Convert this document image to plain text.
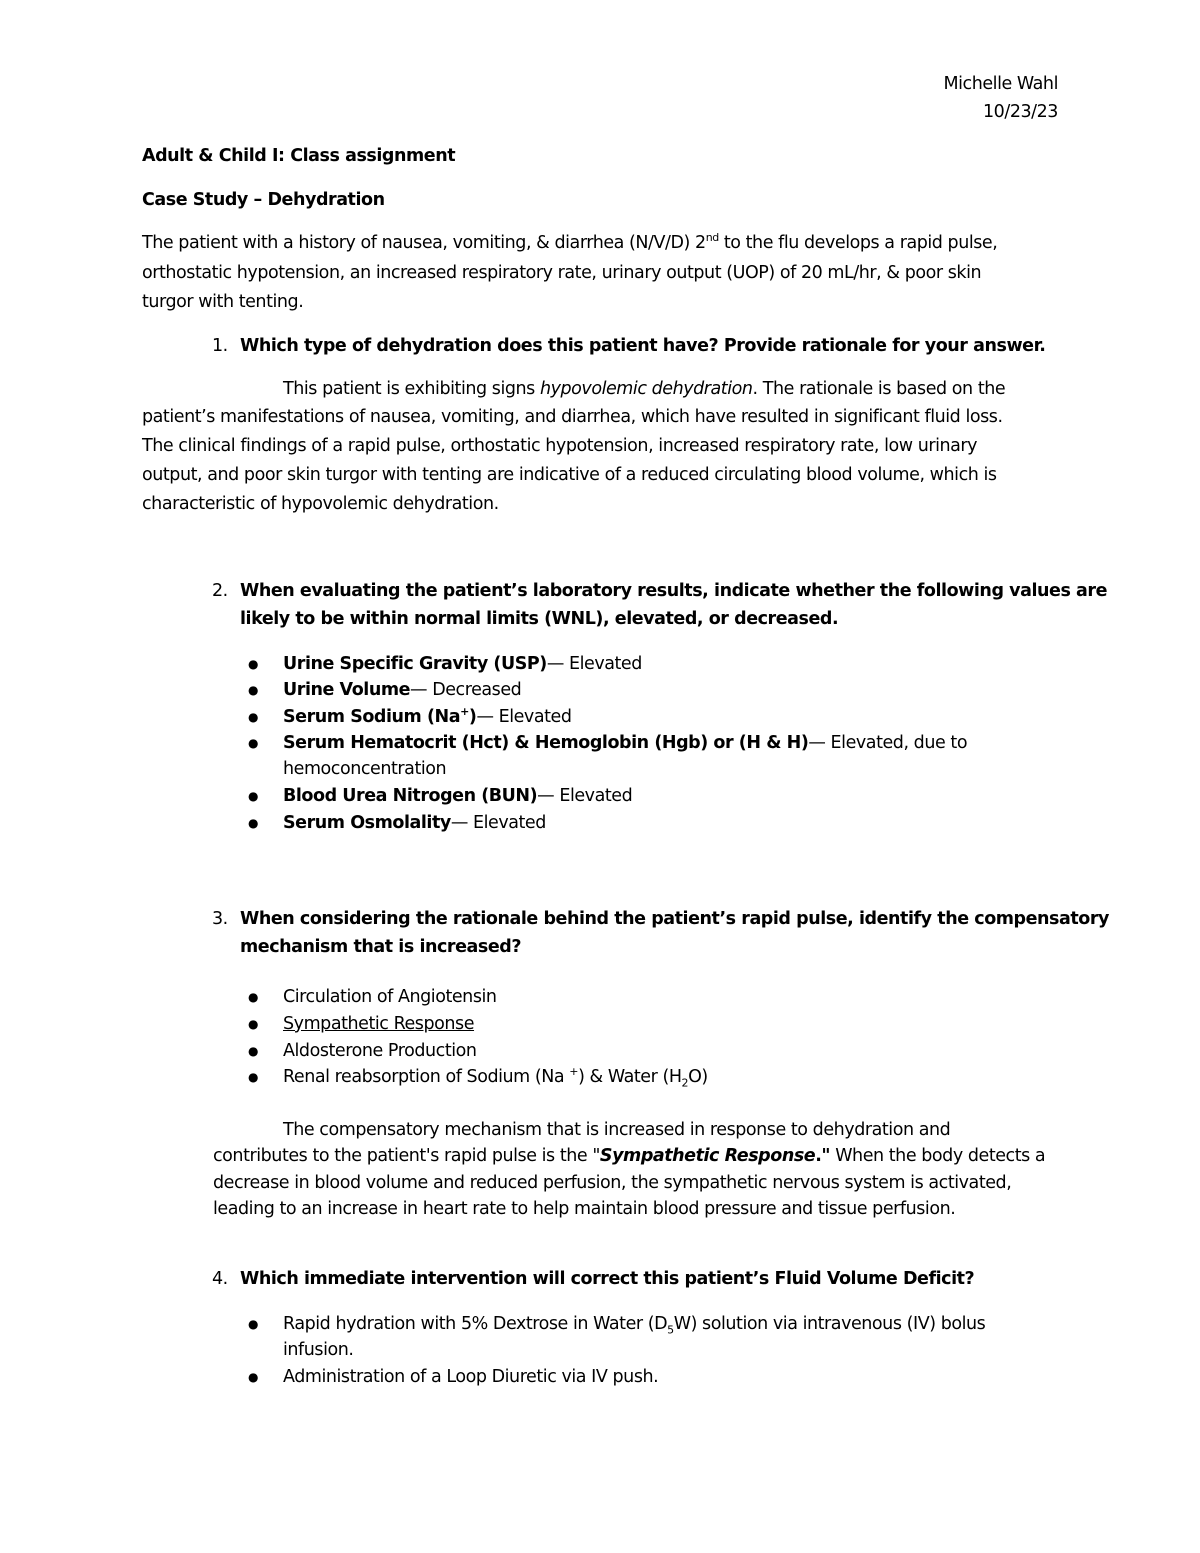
Michelle Wahl
10/23/23
Adult & Child I: Class assignment
Case Study – Dehydration
The patient with a history of nausea, vomiting, & diarrhea (N/V/D) 2nd to the flu develops a rapid pulse,
orthostatic hypotension, an increased respiratory rate, urinary output (UOP) of 20 mL/hr, & poor skin
turgor with tenting.
1. Which type of dehydration does this patient have? Provide rationale for your answer.
This patient is exhibiting signs hypovolemic dehydration. The rationale is based on the
patient’s manifestations of nausea, vomiting, and diarrhea, which have resulted in significant fluid loss.
The clinical findings of a rapid pulse, orthostatic hypotension, increased respiratory rate, low urinary
output, and poor skin turgor with tenting are indicative of a reduced circulating blood volume, which is
characteristic of hypovolemic dehydration.
2. When evaluating the patient’s laboratory results, indicate whether the following values are
likely to be within normal limits (WNL), elevated, or decreased.
● Urine Specific Gravity (USP)— Elevated
● Urine Volume— Decreased
● Serum Sodium (Na+)— Elevated
● Serum Hematocrit (Hct) & Hemoglobin (Hgb) or (H & H)— Elevated, due to
hemoconcentration
● Blood Urea Nitrogen (BUN)— Elevated
● Serum Osmolality— Elevated
3. When considering the rationale behind the patient’s rapid pulse, identify the compensatory
mechanism that is increased?
● Circulation of Angiotensin
● Sympathetic Response
● Aldosterone Production
● Renal reabsorption of Sodium (Na +) & Water $(H_2O)$
The compensatory mechanism that is increased in response to dehydration and
contributes to the patient's rapid pulse is the "Sympathetic Response." When the body detects a
decrease in blood volume and reduced perfusion, the sympathetic nervous system is activated,
leading to an increase in heart rate to help maintain blood pressure and tissue perfusion.
4. Which immediate intervention will correct this patient’s Fluid Volume Deficit?
● Rapid hydration with 5% Dextrose in Water $(D_5W)$ solution via intravenous (IV) bolus
infusion.
● Administration of a Loop Diuretic via IV push.
